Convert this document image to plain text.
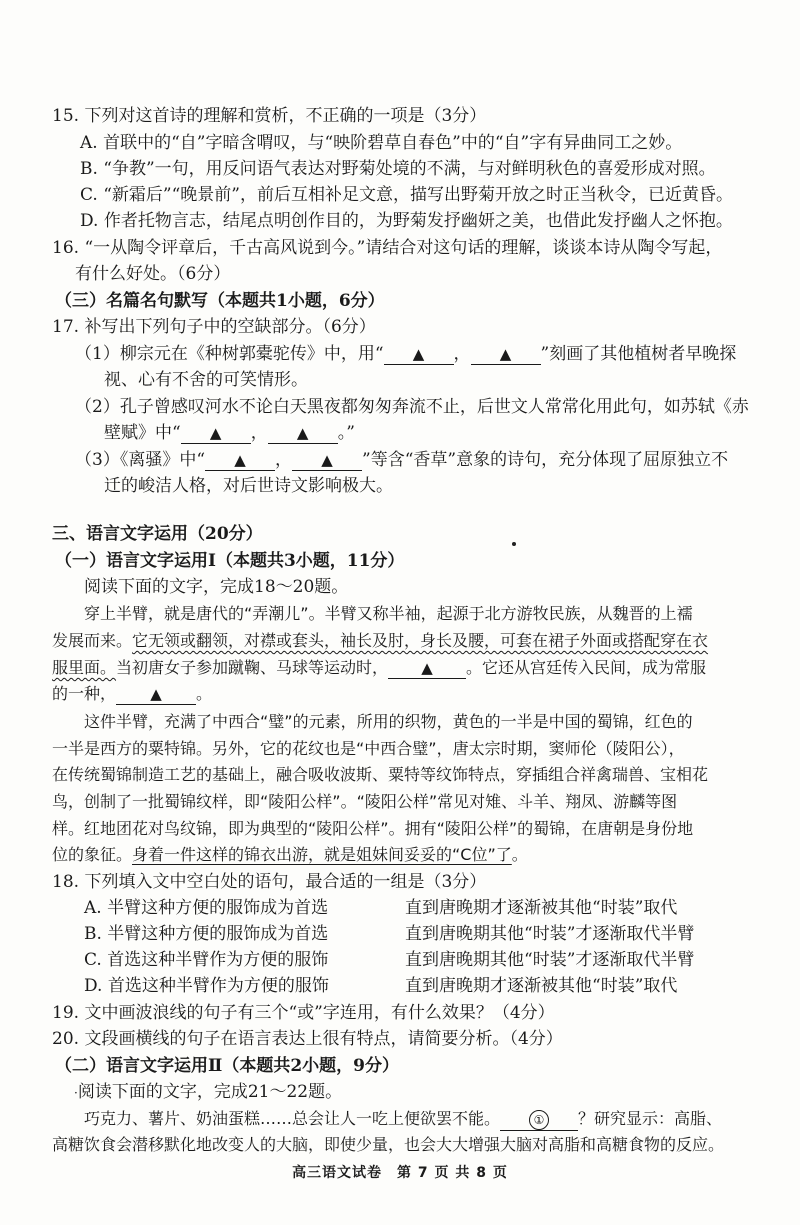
15. 下列对这首诗的理解和赏析，不正确的一项是（3分）
A. 首联中的“自”字暗含喟叹，与“映阶碧草自春色”中的“自”字有异曲同工之妙。
B. “争教”一句，用反问语气表达对野菊处境的不满，与对鲜明秋色的喜爱形成对照。
C. “新霜后”“晚景前”，前后互相补足文意，描写出野菊开放之时正当秋令，已近黄昏。
D. 作者托物言志，结尾点明创作目的，为野菊发抒幽妍之美，也借此发抒幽人之怀抱。
16. “一从陶令评章后，千古高风说到今。”请结合对这句话的理解，谈谈本诗从陶令写起，
有什么好处。（6分）
（三）名篇名句默写（本题共1小题，6分）
17. 补写出下列句子中的空缺部分。（6分）
（1）柳宗元在《种树郭橐驼传》中，用“ ▲ ， ▲ ”刻画了其他植树者早晚探
视、心有不舍的可笑情形。
（2）孔子曾感叹河水不论白天黑夜都匆匆奔流不止，后世文人常常化用此句，如苏轼《赤
壁赋》中“ ▲ ， ▲ 。”
（3）《离骚》中“ ▲ ， ▲ ”等含“香草”意象的诗句，充分体现了屈原独立不
迁的峻洁人格，对后世诗文影响极大。
三、语言文字运用（20分）
（一）语言文字运用Ⅰ（本题共3小题，11分）
阅读下面的文字，完成18～20题。
穿上半臂，就是唐代的“弄潮儿”。半臂又称半袖，起源于北方游牧民族，从魏晋的上襦
发展而来。它无领或翻领，对襟或套头，袖长及肘，身长及腰，可套在裙子外面或搭配穿在衣
服里面。当初唐女子参加蹴鞠、马球等运动时， ▲ 。它还从宫廷传入民间，成为常服
的一种， ▲ 。
这件半臂，充满了中西合“璧”的元素，所用的织物，黄色的一半是中国的蜀锦，红色的
一半是西方的粟特锦。另外，它的花纹也是“中西合璧”，唐太宗时期，窦师伦（陵阳公），
在传统蜀锦制造工艺的基础上，融合吸收波斯、粟特等纹饰特点，穿插组合祥禽瑞兽、宝相花
鸟，创制了一批蜀锦纹样，即“陵阳公样”。“陵阳公样”常见对雉、斗羊、翔凤、游麟等图
样。红地团花对鸟纹锦，即为典型的“陵阳公样”。拥有“陵阳公样”的蜀锦，在唐朝是身份地
位的象征。身着一件这样的锦衣出游，就是姐妹间妥妥的“C位”了。
18. 下列填入文中空白处的语句，最合适的一组是（3分）
A. 半臂这种方便的服饰成为首选	直到唐晚期才逐渐被其他“时装”取代
B. 半臂这种方便的服饰成为首选	直到唐晚期其他“时装”才逐渐取代半臂
C. 首选这种半臂作为方便的服饰	直到唐晚期其他“时装”才逐渐取代半臂
D. 首选这种半臂作为方便的服饰	直到唐晚期才逐渐被其他“时装”取代
19. 文中画波浪线的句子有三个“或”字连用，有什么效果？（4分）
20. 文段画横线的句子在语言表达上很有特点，请简要分析。（4分）
（二）语言文字运用Ⅱ（本题共2小题，9分）
·阅读下面的文字，完成21～22题。
巧克力、薯片、奶油蛋糕……总会让人一吃上便欲罢不能。	① ？研究显示：高脂、
高糖饮食会潜移默化地改变人的大脑，即使少量，也会大大增强大脑对高脂和高糖食物的反应。
高三语文试卷　第 7 页 共 8 页
